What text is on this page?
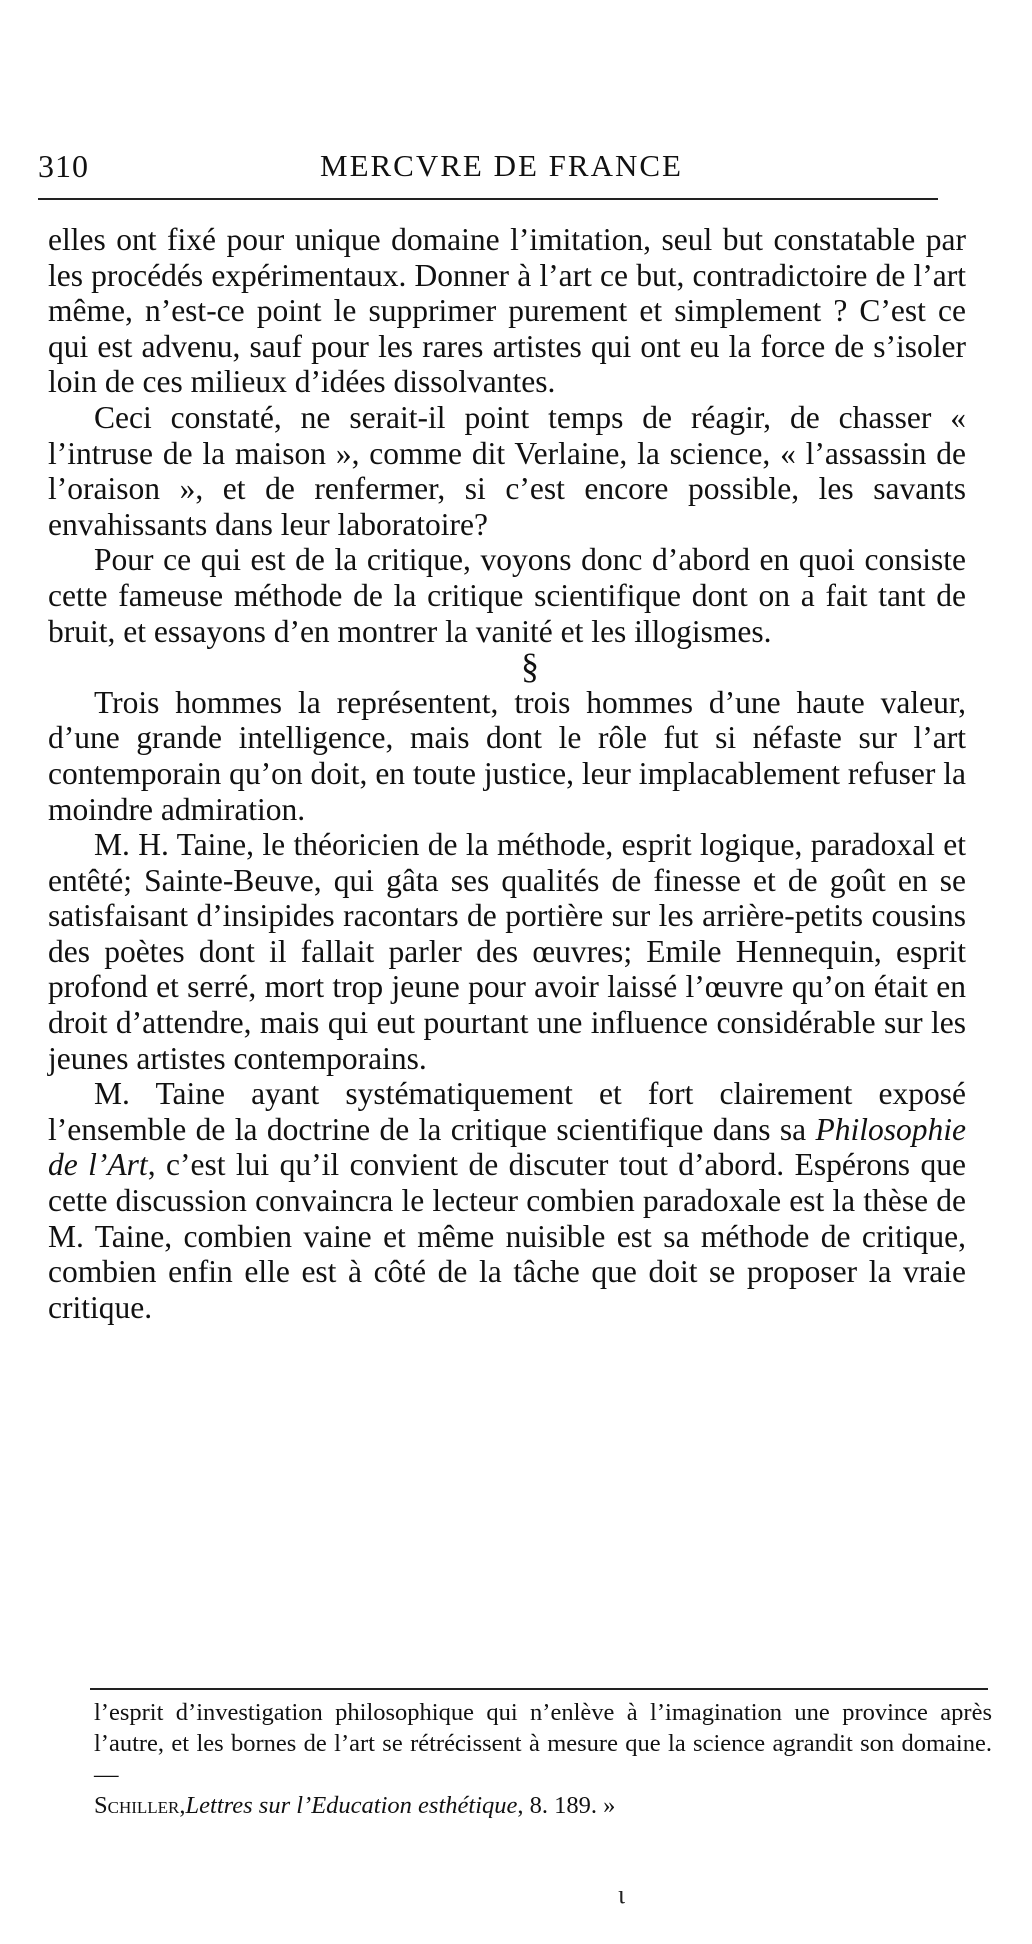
310	MERCVRE DE FRANCE

elles ont fixé pour unique domaine l’imitation, seul but constatable par les procédés expérimentaux. Donner à l’art ce but, contradictoire de l’art même, n’est-ce point le supprimer purement et simplement ? C’est ce qui est advenu, sauf pour les rares artistes qui ont eu la force de s’isoler loin de ces milieux d’idées dissolvantes.

Ceci constaté, ne serait-il point temps de réagir, de chasser « l’intruse de la maison », comme dit Verlaine, la science, « l’assassin de l’oraison », et de renfermer, si c’est encore possible, les savants envahissants dans leur laboratoire?

Pour ce qui est de la critique, voyons donc d’abord en quoi consiste cette fameuse méthode de la critique scientifique dont on a fait tant de bruit, et essayons d’en montrer la vanité et les illogismes.

§

Trois hommes la représentent, trois hommes d’une haute valeur, d’une grande intelligence, mais dont le rôle fut si néfaste sur l’art contemporain qu’on doit, en toute justice, leur implacablement refuser la moindre admiration.

M. H. Taine, le théoricien de la méthode, esprit logique, paradoxal et entêté; Sainte-Beuve, qui gâta ses qualités de finesse et de goût en se satisfaisant d’insipides racontars de portière sur les arrière-petits cousins des poètes dont il fallait parler des œuvres; Emile Hennequin, esprit profond et serré, mort trop jeune pour avoir laissé l’œuvre qu’on était en droit d’attendre, mais qui eut pourtant une influence considérable sur les jeunes artistes contemporains.

M. Taine ayant systématiquement et fort clairement exposé l’ensemble de la doctrine de la critique scientifique dans sa Philosophie de l’Art, c’est lui qu’il convient de discuter tout d’abord. Espérons que cette discussion convaincra le lecteur combien paradoxale est la thèse de M. Taine, combien vaine et même nuisible est sa méthode de critique, combien enfin elle est à côté de la tâche que doit se proposer la vraie critique.

l’esprit d’investigation philosophique qui n’enlève à l’imagination une province après l’autre, et les bornes de l’art se rétrécissent à mesure que la science agrandit son domaine. —
Schiller,Lettres sur l’Education esthétique, 8. 189. »

ι
